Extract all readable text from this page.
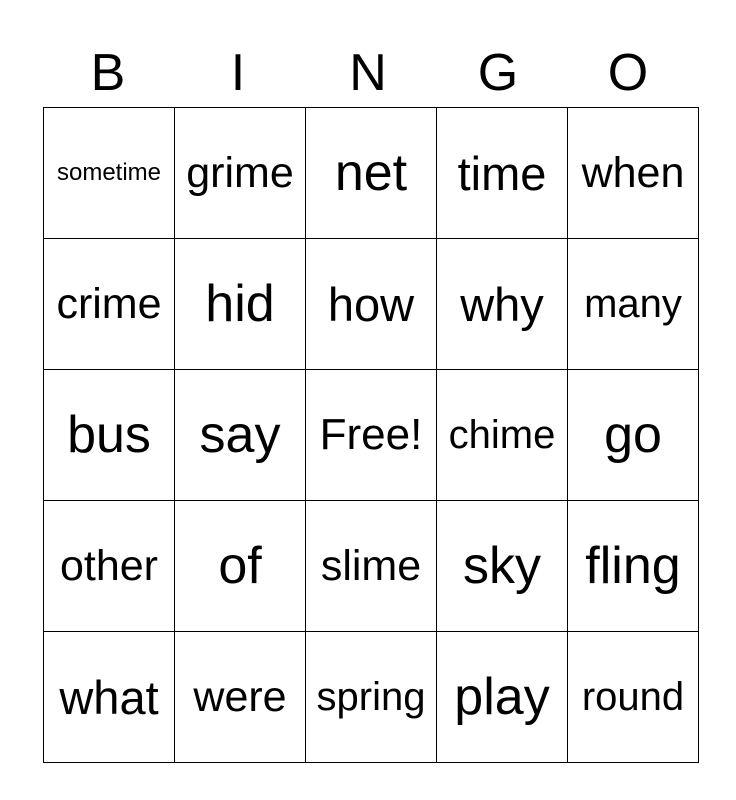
B	I	N	G	O
sometime	grime	net	time	when
crime	hid	how	why	many
bus	say	Free!	chime	go
other	of	slime	sky	fling
what	were	spring	play	round
